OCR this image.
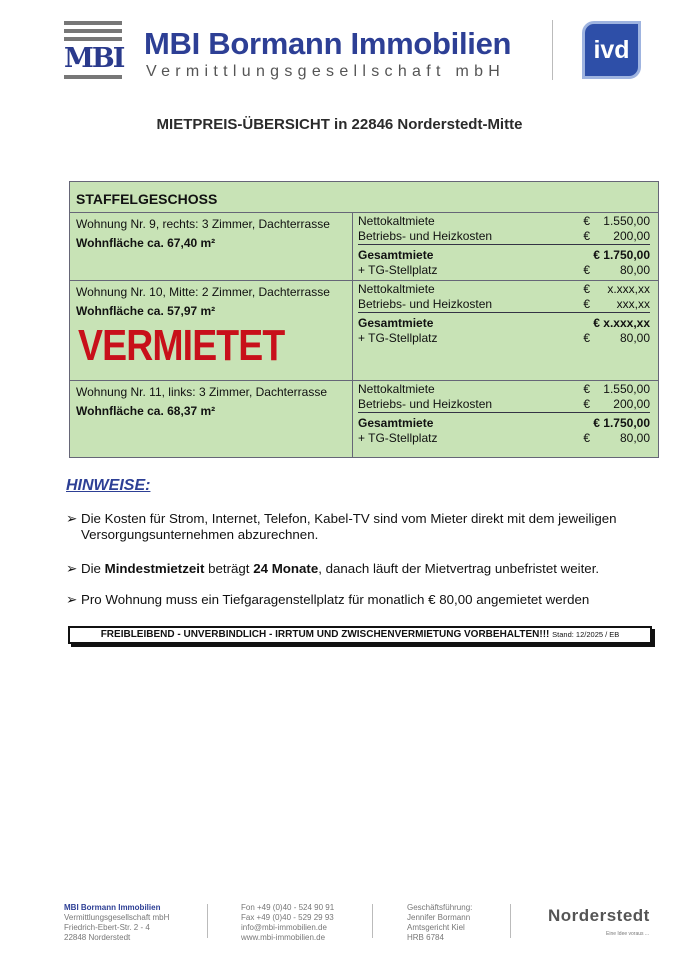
MBI MBI Bormann Immobilien
Vermittlungsgesellschaft mbH
ivd
MIETPREIS-ÜBERSICHT in 22846 Norderstedt-Mitte
STAFFELGESCHOSS
Wohnung Nr. 9, rechts: 3 Zimmer, Dachterrasse
Wohnfläche ca. 67,40 m²
Nettokaltmiete	€	1.550,00
Betriebs- und Heizkosten	€	200,00
Gesamtmiete	€ 1.750,00
+ TG-Stellplatz	€	80,00
Wohnung Nr. 10, Mitte: 2 Zimmer, Dachterrasse
Wohnfläche ca. 57,97 m²
Nettokaltmiete	€	x.xxx,xx
Betriebs- und Heizkosten	€	xxx,xx
Gesamtmiete	€ x.xxx,xx
+ TG-Stellplatz	€	80,00
Wohnung Nr. 11, links: 3 Zimmer, Dachterrasse
Wohnfläche ca. 68,37 m²
Nettokaltmiete	€	1.550,00
Betriebs- und Heizkosten	€	200,00
Gesamtmiete	€ 1.750,00
+ TG-Stellplatz	€	80,00
VERMIETET
HINWEISE:
➢ Die Kosten für Strom, Internet, Telefon, Kabel-TV sind vom Mieter direkt mit dem jeweiligen Versorgungsunternehmen abzurechnen.
➢ Die Mindestmietzeit beträgt 24 Monate, danach läuft der Mietvertrag unbefristet weiter.
➢ Pro Wohnung muss ein Tiefgaragenstellplatz für monatlich € 80,00 angemietet werden
FREIBLEIBEND - UNVERBINDLICH - IRRTUM UND ZWISCHENVERMIETUNG VORBEHALTEN!!! Stand: 12/2025 / EB
MBI Bormann Immobilien
Vermittlungsgesellschaft mbH
Friedrich-Ebert-Str. 2 - 4
22848 Norderstedt
Fon +49 (0)40 - 524 90 91
Fax +49 (0)40 - 529 29 93
info@mbi-immobilien.de
www.mbi-immobilien.de
Geschäftsführung:
Jennifer Bormann
Amtsgericht Kiel
HRB 6784
Norderstedt
Eine Idee voraus ...
